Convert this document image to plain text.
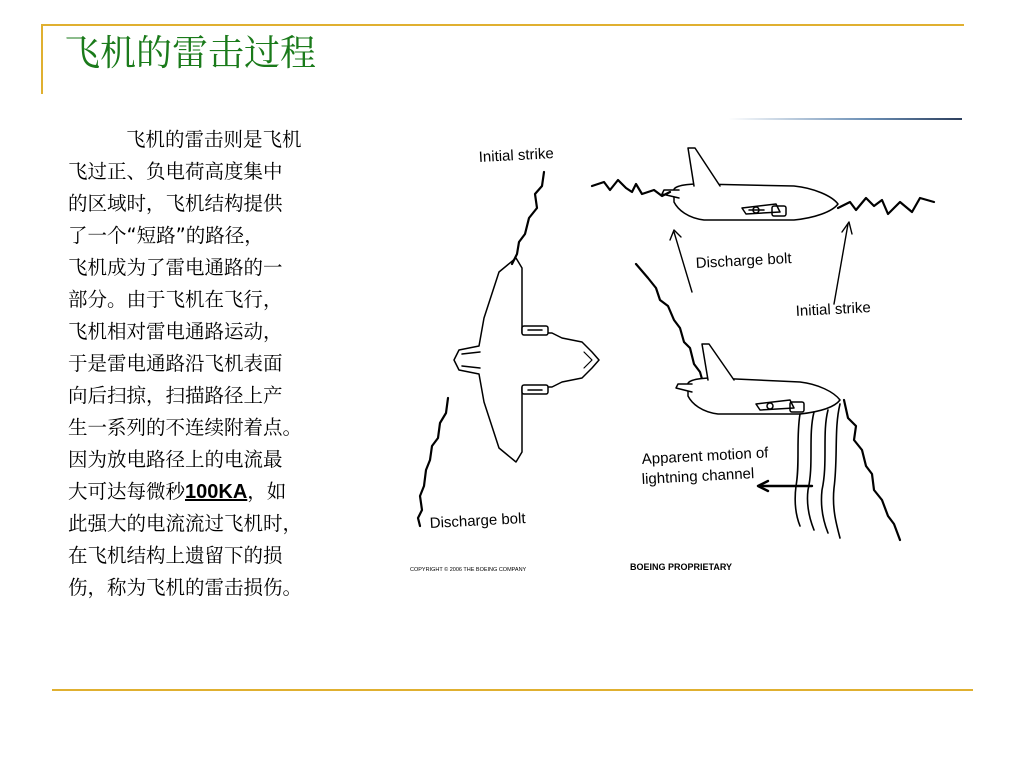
飞机的雷击过程
飞机的雷击则是飞机
飞过正、负电荷高度集中
的区域时，飞机结构提供
了一个“短路”的路径，
飞机成为了雷电通路的一
部分。由于飞机在飞行，
飞机相对雷电通路运动，
于是雷电通路沿飞机表面
向后扫掠，扫描路径上产
生一系列的不连续附着点。
因为放电路径上的电流最
大可达每微秒100KA，如
此强大的电流流过飞机时，
在飞机结构上遗留下的损
伤，称为飞机的雷击损伤。
Initial strike
Discharge bolt
Initial strike
Apparent motion of
lightning channel
Discharge bolt
COPYRIGHT © 2006 THE BOEING COMPANY	BOEING PROPRIETARY
